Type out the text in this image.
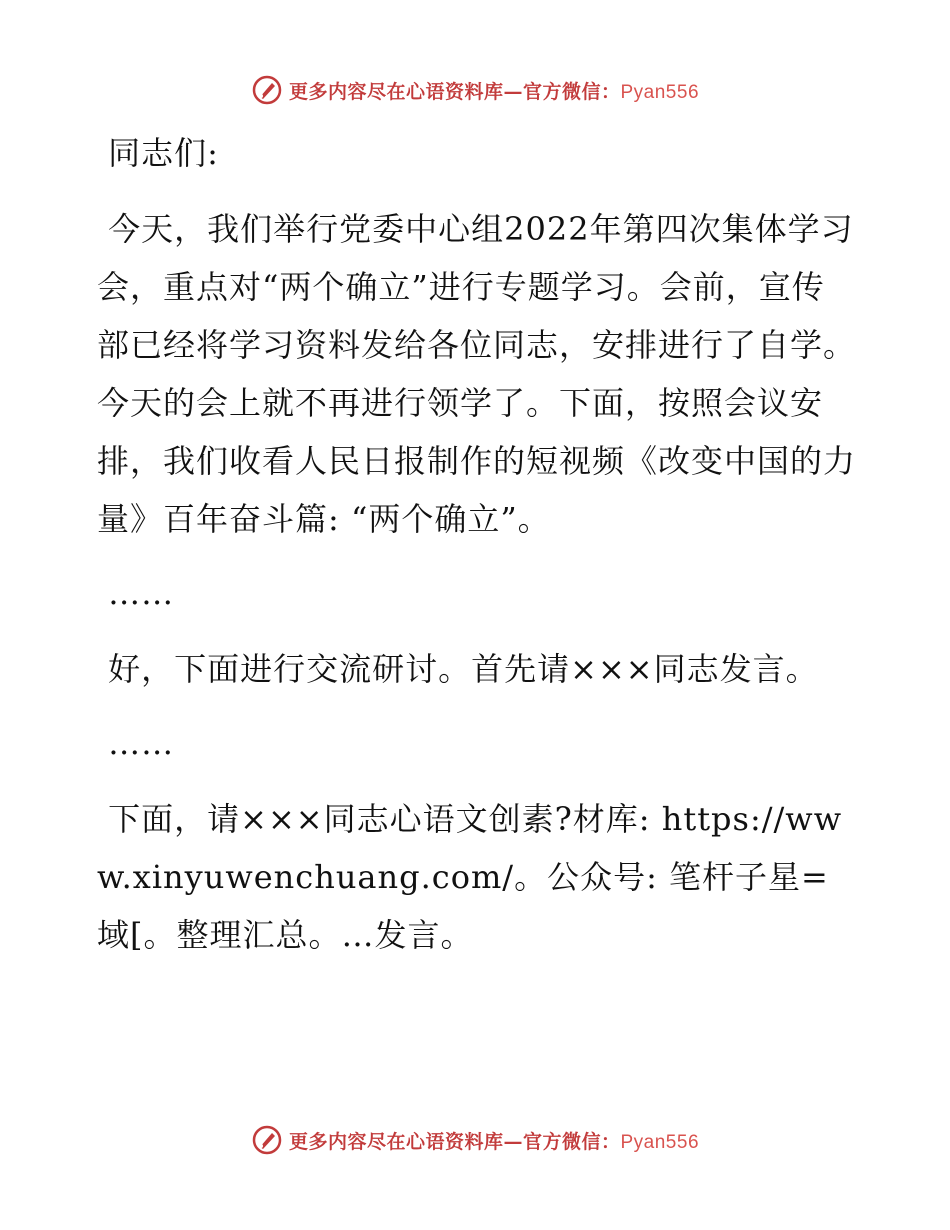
更多内容尽在心语资料库—官方微信：Pyan556

同志们:

今天，我们举行党委中心组2022年第四次集体学习会，重点对“两个确立”进行专题学习。会前，宣传部已经将学习资料发给各位同志，安排进行了自学。今天的会上就不再进行领学了。下面，按照会议安排，我们收看人民日报制作的短视频《改变中国的力量》百年奋斗篇: “两个确立”。

……

好，下面进行交流研讨。首先请×××同志发言。

……

下面，请×××同志心语文创素?材库: https://www.xinyuwenchuang.com/。公众号: 笔杆子星=域[。整理汇总。…发言。

更多内容尽在心语资料库—官方微信：Pyan556
